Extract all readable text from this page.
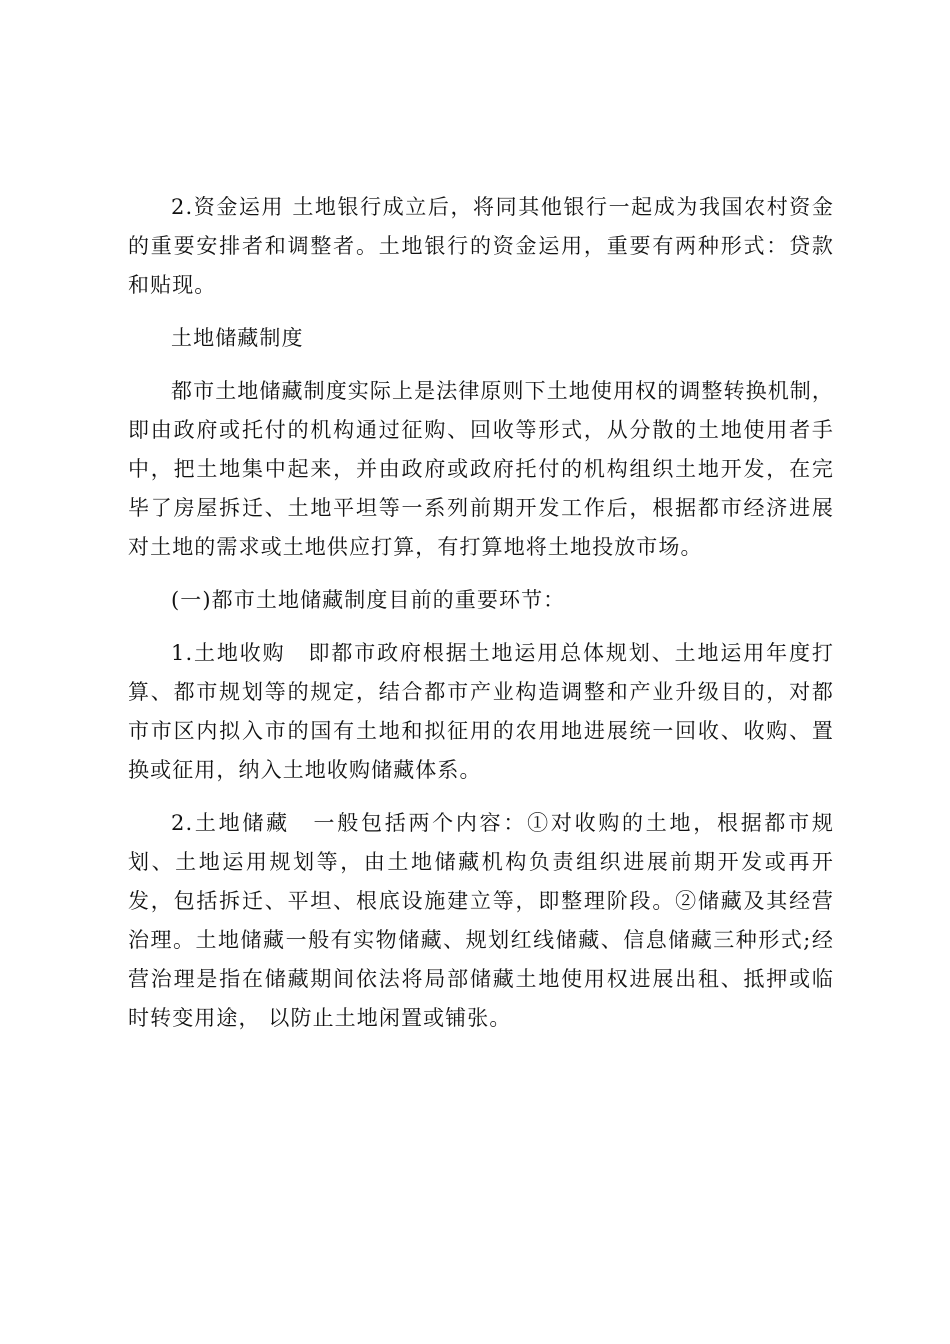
2.资金运用 土地银行成立后，将同其他银行一起成为我国农村资金的重要安排者和调整者。土地银行的资金运用，重要有两种形式：贷款和贴现。

土地储藏制度

都市土地储藏制度实际上是法律原则下土地使用权的调整转换机制，即由政府或托付的机构通过征购、回收等形式，从分散的土地使用者手中，把土地集中起来，并由政府或政府托付的机构组织土地开发，在完毕了房屋拆迁、土地平坦等一系列前期开发工作后，根据都市经济进展对土地的需求或土地供应打算，有打算地将土地投放市场。

(一)都市土地储藏制度目前的重要环节：

1.土地收购　即都市政府根据土地运用总体规划、土地运用年度打算、都市规划等的规定，结合都市产业构造调整和产业升级目的，对都市市区内拟入市的国有土地和拟征用的农用地进展统一回收、收购、置换或征用，纳入土地收购储藏体系。

2.土地储藏　一般包括两个内容：①对收购的土地，根据都市规划、土地运用规划等，由土地储藏机构负责组织进展前期开发或再开发，包括拆迁、平坦、根底设施建立等，即整理阶段。②储藏及其经营治理。土地储藏一般有实物储藏、规划红线储藏、信息储藏三种形式;经营治理是指在储藏期间依法将局部储藏土地使用权进展出租、抵押或临时转变用途， 以防止土地闲置或铺张。
